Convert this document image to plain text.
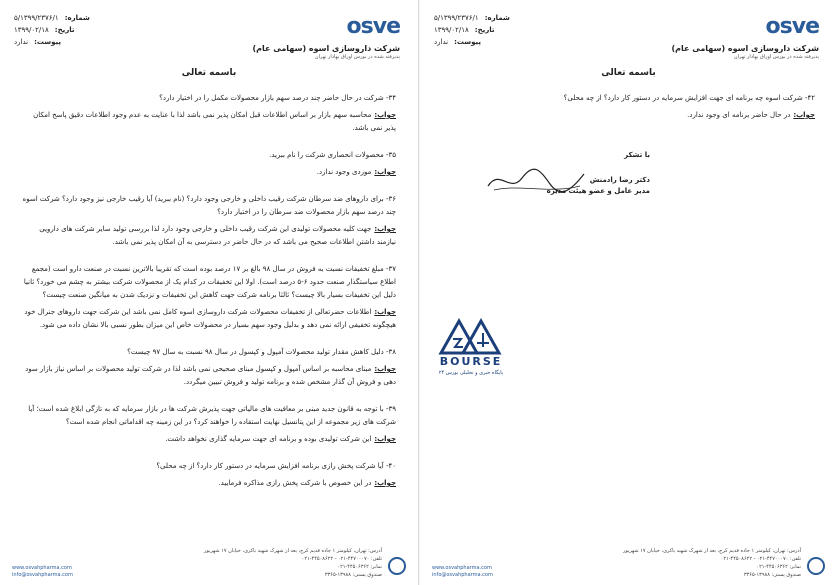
osve
شرکت داروسازی اسوه (سهامی عام)
پذیرفته شده در بورس اوراق بهادار تهران
شماره:
۵/۱۳۹۹/۲۳۷۶/۱
تاریخ:
۱۳۹۹/۰۲/۱۸
پیوست:
ندارد
باسمه تعالی
۳۴- شرکت در حال حاضر چند درصد سهم بازار محصولات مکمل را در اختیار دارد؟
جواب:محاسبه سهم بازار بر اساس اطلاعات قبل امکان پذیر نمی باشد لذا با عنایت به عدم وجود اطلاعات دقیق پاسخ امکان پذیر نمی باشد.
۳۵- محصولات انحصاری شرکت را نام ببرید.
جواب:موردی وجود ندارد.
۳۶- برای داروهای ضد سرطان شرکت رقیب داخلی و خارجی وجود دارد؟ (نام ببرید) آیا رقیب خارجی نیز وجود دارد؟ شرکت اسوه چند درصد سهم بازار محصولات ضد سرطان را در اختیار دارد؟
جواب:جهت کلیه محصولات تولیدی این شرکت رقیب داخلی و خارجی وجود دارد لذا بررسی تولید سایر شرکت های دارویی نیازمند داشتن اطلاعات صحیح می باشد که در حال حاضر در دسترسی به آن امکان پذیر نمی باشد.
۳۷- مبلغ تخفیفات نسبت به فروش در سال ۹۸ بالغ بر ۱۷ درصد بوده است که تقریبا بالاترین نسبت در صنعت دارو است (مجمع اطلاع سیاستگذار صنعت حدود ۶-۵ درصد است). اولا این تخفیفات در کدام یک از محصولات شرکت بیشتر به چشم می خورد؟ ثانیا دلیل این تخفیفات بسیار بالا چیست؟ ثالثا برنامه شرکت جهت کاهش این تخفیفات و نزدیک شدن به میانگین صنعت چیست؟
جواب:اطلاعات حضرتعالی از تخفیفات محصولات شرکت داروسازی اسوه کامل نمی باشد این شرکت جهت داروهای جنرال خود هیچگونه تخفیفی ارائه نمی دهد و بدلیل وجود سهم بسیار در محصولات خاص این میزان بطور نسبی بالا نشان داده می شود.
۳۸- دلیل کاهش مقدار تولید محصولات آمپول و کپسول در سال ۹۸ نسبت به سال ۹۷ چیست؟
جواب:مبنای محاسبه بر اساس آمپول و کپسول مبنای صحیحی نمی باشد لذا در شرکت تولید محصولات بر اساس نیاز بازار سود دهی و فروش آن گذار مشخص شده و برنامه تولید و فروش تبیین میگردد.
۳۹- با توجه به قانون جدید مبنی بر معافیت های مالیاتی جهت پذیرش شرکت ها در بازار سرمایه که به تازگی ابلاغ شده است؛ آیا شرکت های زیر مجموعه از این پتانسیل نهایت استفاده را خواهند کرد؟ در این زمینه چه اقداماتی انجام شده است؟
جواب:این شرکت تولیدی بوده و برنامه ای جهت سرمایه گذاری نخواهد داشت.
۴۰- آیا شرکت پخش رازی برنامه افزایش سرمایه در دستور کار دارد؟ از چه محلی؟
جواب:در این خصوص با شرکت پخش رازی مذاکره فرمایید.
آدرس: تهران، کیلومتر ۱ جاده قدیم کرج، بعد از شهرک شهید باکری، خیابان ۱۷ شهریور
تلفن: ۴۴۷۰۰۰۷۰-۰۲۱ - ۴۴۵۰۸۶۲۲-۰۲۱
نمابر: ۴۴۵۰۶۳۶۲-۰۲۱
صندوق پستی: ۱۳۹۸۸-۳۳۶۵
www.osvahpharma.com
info@osvahpharma.com
osve
شرکت داروسازی اسوه (سهامی عام)
پذیرفته شده در بورس اوراق بهادار تهران
شماره:
۵/۱۳۹۹/۲۳۷۶/۱
تاریخ:
۱۳۹۹/۰۲/۱۸
پیوست:
ندارد
باسمه تعالی
۴۲- شرکت اسوه چه برنامه ای جهت افزایش سرمایه در دستور کار دارد؟ از چه محلی؟
جواب:در حال حاضر برنامه ای وجود ندارد.
با تشکر
دکتر رضا رادمنش
مدیر عامل و عضو هیئت مدیره
آدرس: تهران، کیلومتر ۱ جاده قدیم کرج، بعد از شهرک شهید باکری، خیابان ۱۷ شهریور
تلفن: ۴۴۷۰۰۰۷۰-۰۲۱ - ۴۴۵۰۸۶۲۲-۰۲۱
نمابر: ۴۴۵۰۶۳۶۲-۰۲۱
صندوق پستی: ۱۳۹۸۸-۳۳۶۵
www.osvahpharma.com
info@osvahpharma.com
BOURSE
پایگاه خبری و تحلیلی بورس ۲۴
